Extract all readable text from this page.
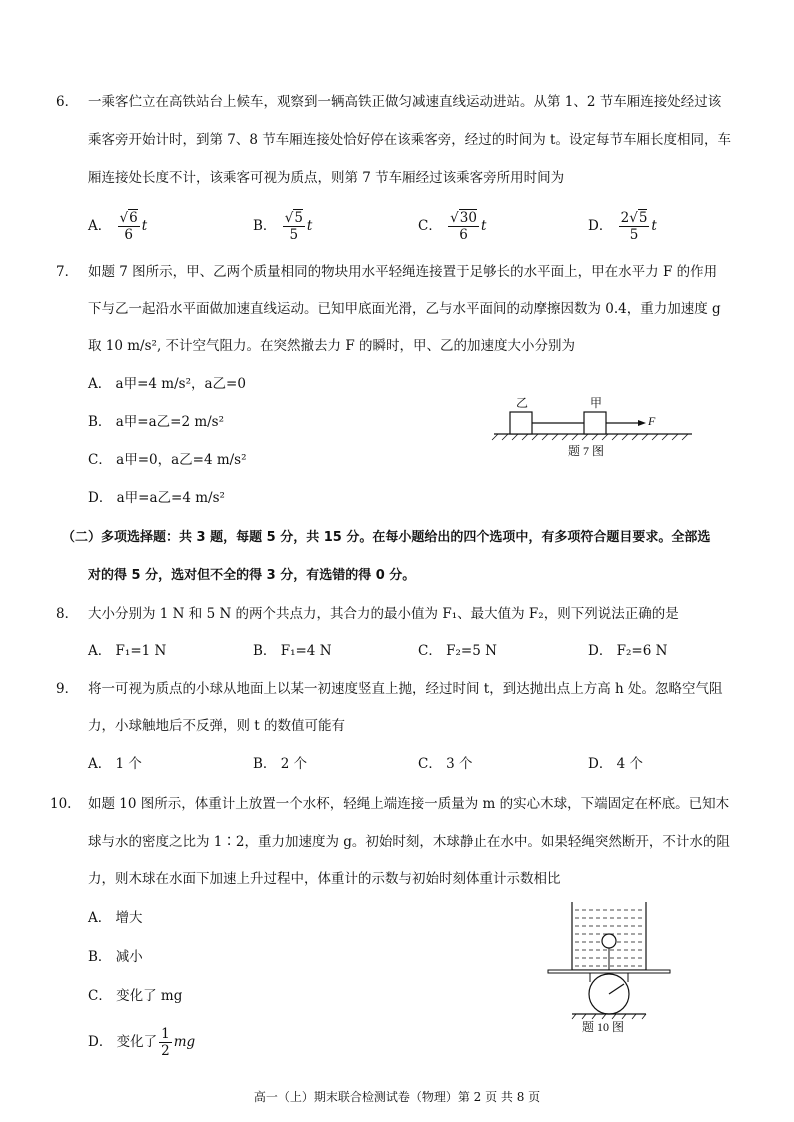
6． 一乘客伫立在高铁站台上候车，观察到一辆高铁正做匀减速直线运动进站。从第 1、2 节车厢连接处经过该
乘客旁开始计时，到第 7、8 节车厢连接处恰好停在该乘客旁，经过的时间为 t。设定每节车厢长度相同，车
厢连接处长度不计，该乘客可视为质点，则第 7 节车厢经过该乘客旁所用时间为
A． $\frac{√6}{6}$ t	B． $\frac{√5}{5}$ t	C． $\frac{√30}{6}$ t	D． $\frac{2√5}{5}$ t
7． 如题 7 图所示，甲、乙两个质量相同的物块用水平轻绳连接置于足够长的水平面上，甲在水平力 F 的作用
下与乙一起沿水平面做加速直线运动。已知甲底面光滑，乙与水平面间的动摩擦因数为 0.4，重力加速度 g
取 10 m/s², 不计空气阻力。在突然撤去力 F 的瞬时，甲、乙的加速度大小分别为
A． a甲=4 m/s²，a乙=0
B． a甲=a乙=2 m/s²
C． a甲=0，a乙=4 m/s²
D． a甲=a乙=4 m/s²
乙	甲
F
题 7 图
（二）多项选择题：共 3 题，每题 5 分，共 15 分。在每小题给出的四个选项中，有多项符合题目要求。全部选
对的得 5 分，选对但不全的得 3 分，有选错的得 0 分。
8． 大小分别为 1 N 和 5 N 的两个共点力，其合力的最小值为 F₁、最大值为 F₂，则下列说法正确的是
A． F₁=1 N	B． F₁=4 N	C． F₂=5 N	D． F₂=6 N
9． 将一可视为质点的小球从地面上以某一初速度竖直上抛，经过时间 t，到达抛出点上方高 h 处。忽略空气阻
力，小球触地后不反弹，则 t 的数值可能有
A． 1 个	B． 2 个	C． 3 个	D． 4 个
10. 如题 10 图所示，体重计上放置一个水杯，轻绳上端连接一质量为 m 的实心木球，下端固定在杯底。已知木
球与水的密度之比为 1∶2，重力加速度为 g。初始时刻，木球静止在水中。如果轻绳突然断开，不计水的阻
力，则木球在水面下加速上升过程中，体重计的示数与初始时刻体重计示数相比
A． 增大
B． 减小
C． 变化了 mg
D． 变化了 $\frac{1}{2}$ mg
题 10 图
高一（上）期末联合检测试卷（物理）第 2 页 共 8 页
